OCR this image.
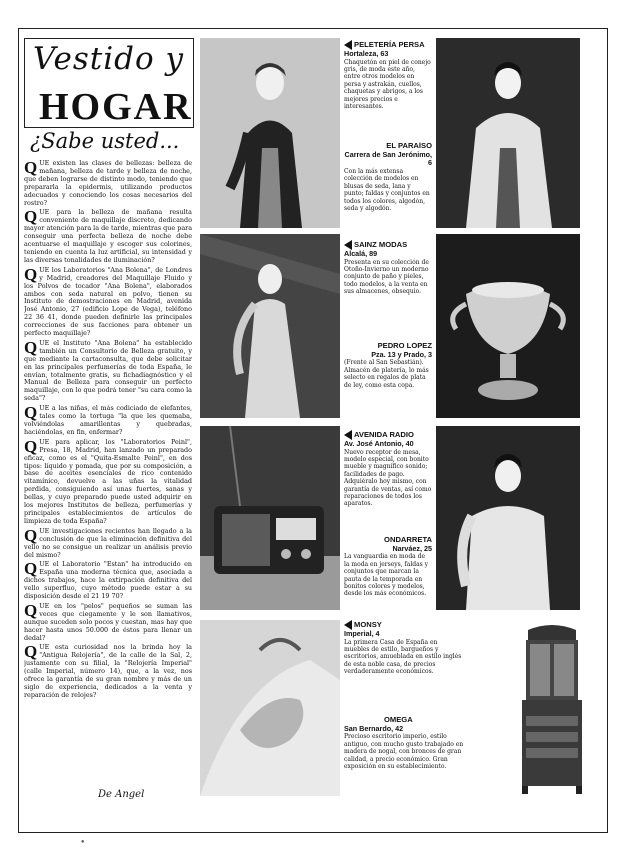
Vestido y
HOGAR
¿Sabe usted...

QUE existen las clases de bellezas: belleza de mañana, belleza de tarde y belleza de noche, que deben lograrse de distinto modo, teniendo que prepararla la epidermis, utilizando productos adecuados y conociendo los cosas necesarios del rostro?

QUE para la belleza de mañana resulta conveniente de maquillaje discreto, dedicando mayor atención para la de tarde, mientras que para conseguir una perfecta belleza de noche debe acentuarse el maquillaje y escoger sus colorines, teniendo en cuenta la luz artificial, su intensidad y las diversas tonalidades de iluminación?

QUE los Laboratorios "Ana Bolena", de Londres y Madrid, creadores del Maquillaje Fluido y los Polvos de tocador "Ana Bolena", elaborados ambos con seda natural en polvo, tienen su Instituto de demostraciones en Madrid, avenida José Antonio, 27 (edificio Lope de Vega), teléfono 22 36 41, donde pueden definirle las principales correcciones de sus facciones para obtener un perfecto maquillaje?

QUE el Instituto "Ana Bolena" ha establecido también un Consultorio de Belleza gratuito, y que mediante la cartaconsulta, que debe solicitar en las principales perfumerías de toda España, le envían, totalmente gratis, su fichadiagnóstico y el Manual de Belleza para conseguir un perfecto maquillaje, con lo que podrá tener "su cara como la seda"?

QUE a las niñas, el más codiciado de elefantes, tales como la tortuga "la que les quemaba, volviéndolas amarillentas y quebradas, haciéndolas, en fin, enfermar?

QUE para aplicar, los "Laboratorios Peinl", Presa, 18, Madrid, han lanzado un preparado eficaz, como es el "Quita-Esmalte Peinl", en dos tipos: líquido y pomada, que por su composición, a base de aceites esenciales de rico contenido vitamínico, devuelve a las uñas la vitalidad perdida, consiguiendo así unas fuertes, sanas y bellas, y cuyo preparado puede usted adquirir en los mejores Institutos de belleza, perfumerías y principales establecimientos de artículos de limpieza de toda España?

QUE investigaciones recientes han llegado a la conclusión de que la eliminación definitiva del vello no se consigue un realizar un análisis previo del mismo?

QUE el Laboratorio "Estan" ha introducido en España una moderna técnica que, asociada a dichos trabajos, hace la extirpación definitiva del vello superfluo, cuyo método puede estar a su disposición desde el 21 19 70?

QUE en los "pelos" pequeños se suman las veces que ciegamente y le son llamativos, aunque suceden solo pocos y cuestan, mas hay que hacer hasta unos 50.000 de éstos para llenar un dedal?

QUE esta curiosidad nos la brinda hoy la "Antigua Relojería", de la calle de la Sal, 2, justamente con su filial, la "Relojería Imperial" (calle Imperial, número 14), que, a la vez, nos ofrece la garantía de su gran nombre y más de un siglo de experiencia, dedicados a la venta y reparación de relojes?

De Angel
PELETERÍA PERSA
Hortaleza, 63
Chaquetón en piel de conejo gris, de moda este año, entre otros modelos en persa y astrakán, cuellos, chaquetas y abrigos, a los mejores precios e interesantes.
EL PARAÍSO
Carrera de San Jerónimo, 6
Con la más extensa colección de modelos en blusas de seda, lana y punto; faldas y conjuntos en todos los colores, algodón, seda y algodón.
SAINZ MODAS
Alcalá, 89
Presenta en su colección de Otoño-Invierno un moderno conjunto de paño y pieles, todo modelos, a la venta en sus almacenes, obsequio.
PEDRO LÓPEZ
Pza. 13 y Prado, 3
(Frente al San Sebastián). Almacén de platería, lo más selecto en regalos de plata de ley, como esta copa.
AVENIDA RADIO
Av. José Antonio, 40
Nuevo receptor de mesa, modelo especial, con bonito mueble y magnífico sonido; facilidades de pago. Adquiéralo hoy mismo, con garantía de ventas, así como reparaciones de todos los aparatos.
ONDARRETA
Narváez, 25
La vanguardia en moda de la moda en jerseys, faldas y conjuntos que marcan la pauta de la temporada en bonitos colores y modelos, desde los más económicos.
MONSY
Imperial, 4
La primera Casa de España en muebles de estilo, bargueños y escritorios, amueblada en estilo inglés de esta noble casa, de precios verdaderamente económicos.
OMEGA
San Bernardo, 42
Precioso escritorio imperio, estilo antiguo, con mucho gusto trabajado en madera de nogal, con bronces de gran calidad, a precio económico. Gran exposición en su establecimiento.
•
